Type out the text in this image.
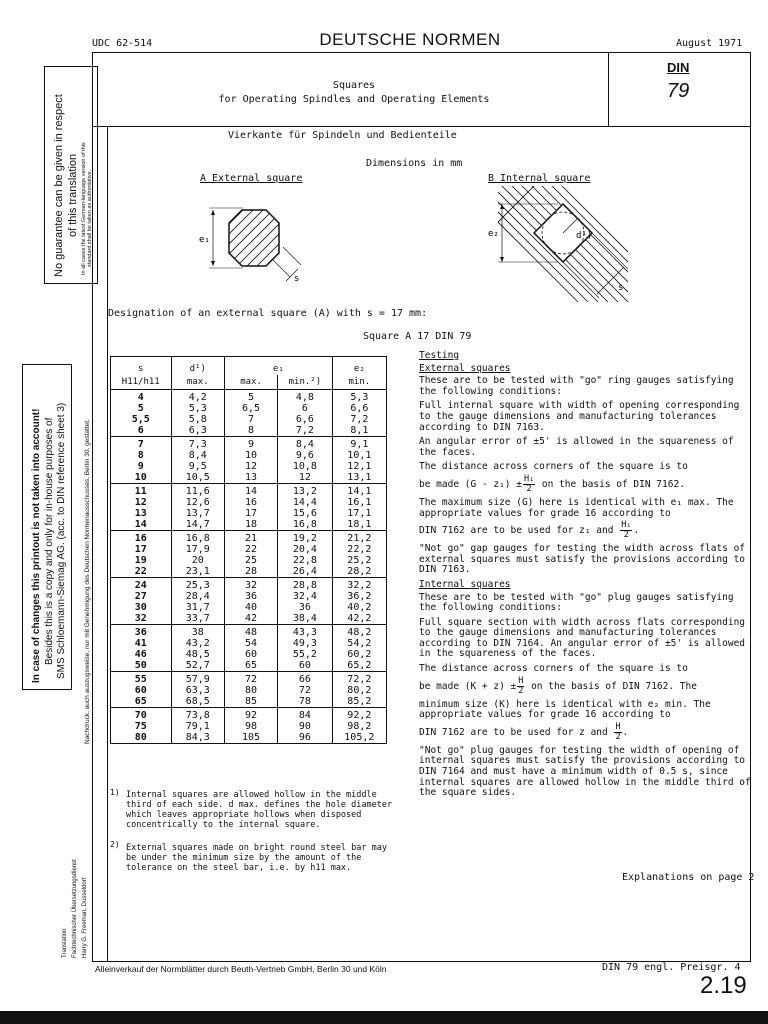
UDC 62-514	DEUTSCHE NORMEN	August 1971
No guarantee can be given in respect of this translation In all cases the latest German-language version of this standard shall be taken as authoritative.
In case of changes this printout is not taken into account! Besides this is a copy and only for in-house purposes of SMS Schloemann-Siemag AG. (acc. to DIN reference sheet 3)	Nachdruck, auch auszugsweise, nur mit Genehmigung des Deutschen Normenausschusses, Berlin 30, gestattet.
Translation Fachtechnischer Übersetzungsdienst Harry G. Freeman, Düsseldorf
Squares
for Operating Spindles and Operating Elements
DIN
79
Vierkante für Spindeln und Bedienteile
Dimensions in mm
A External square	B Internal square
e₁
s
e₂	d¹)
s
Designation of an external square (A) with s = 17 mm:
Square A 17 DIN 79
s	d¹)	e₁		e₂
H11/h11	max.	max.	min.²)	min.
4	4,2	5	4,8	5,3
5	5,3	6,5	6	6,6
5,5	5,8	7	6,6	7,2
6	6,3	8	7,2	8,1
7	7,3	9	8,4	9,1
8	8,4	10	9,6	10,1
9	9,5	12	10,8	12,1
10	10,5	13	12	13,1
11	11,6	14	13,2	14,1
12	12,6	16	14,4	16,1
13	13,7	17	15,6	17,1
14	14,7	18	16,8	18,1
16	16,8	21	19,2	21,2
17	17,9	22	20,4	22,2
19	20	25	22,8	25,2
22	23,1	28	26,4	28,2
24	25,3	32	28,8	32,2
27	28,4	36	32,4	36,2
30	31,7	40	36	40,2
32	33,7	42	38,4	42,2
36	38	48	43,3	48,2
41	43,2	54	49,3	54,2
46	48,5	60	55,2	60,2
50	52,7	65	60	65,2
55	57,9	72	66	72,2
60	63,3	80	72	80,2
65	68,5	85	78	85,2
70	73,8	92	84	92,2
75	79,1	98	90	98,2
80	84,3	105	96	105,2
1) Internal squares are allowed hollow in the middle third of each side. d max. defines the hole diameter which leaves appropriate hollows when disposed concentrically to the internal square.
2) External squares made on bright round steel bar may be under the minimum size by the amount of the tolerance on the steel bar, i.e. by h11 max.

Testing

External squares

These are to be tested with "go" ring gauges satisfying the following conditions:

Full internal square with width of opening corresponding to the gauge dimensions and manufacturing tolerances according to DIN 7163.

An angular error of ±5' is allowed in the squareness of the faces.

The distance across corners of the square is to

be made $(G - z_1) \pm \frac{\text{H₁}}{2}$ on the basis of DIN 7162.

The maximum size (G) here is identical with e₁ max. The appropriate values for grade 16 according to

DIN 7162 are to be used for z₁ and $\frac{\text{H₁}}{2}$ .

"Not go" gap gauges for testing the width across flats of external squares must satisfy the provisions according to DIN 7163.

Internal squares

These are to be tested with "go" plug gauges satisfying the following conditions:

Full square section with width across flats corresponding to the gauge dimensions and manufacturing tolerances according to DIN 7164. An angular error of ±5' is allowed in the squareness of the faces.

The distance across corners of the square is to

be made $(K + z) \pm \frac{H}{2}$ on the basis of DIN 7162. The

minimum size (K) here is identical with e₂ min. The appropriate values for grade 16 according to

DIN 7162 are to be used for z and $\frac{H}{2}$ .

"Not go" plug gauges for testing the width of opening of internal squares must satisfy the provisions according to DIN 7164 and must have a minimum width of 0.5 s, since internal squares are allowed hollow in the middle third of the square sides.

Explanations on page 2
Alleinverkauf der Normblätter durch Beuth-Vertrieb GmbH, Berlin 30 und Köln	DIN 79 engl. Preisgr. 4
2.19
